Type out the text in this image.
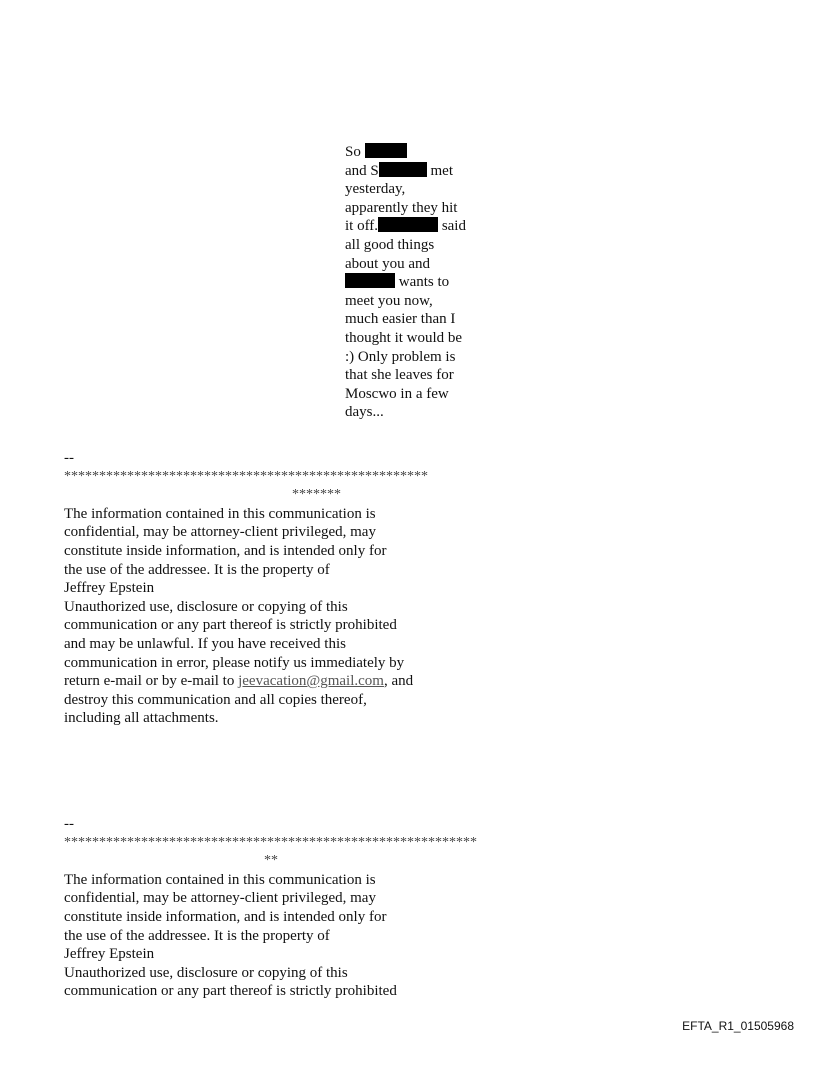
So
and S	met
yesterday,
apparently they hit
it off.	said
all good things
about you and
wants to
meet you now,
much easier than I
thought it would be
:) Only problem is
that she leaves for
Moscwo in a few
days...
--
****************************************************
*******
The information contained in this communication is
confidential, may be attorney-client privileged, may
constitute inside information, and is intended only for
the use of the addressee. It is the property of
Jeffrey Epstein
Unauthorized use, disclosure or copying of this
communication or any part thereof is strictly prohibited
and may be unlawful. If you have received this
communication in error, please notify us immediately by
return e-mail or by e-mail to jeevacation@gmail.com, and
destroy this communication and all copies thereof,
including all attachments.
--
***********************************************************
**
The information contained in this communication is
confidential, may be attorney-client privileged, may
constitute inside information, and is intended only for
the use of the addressee. It is the property of
Jeffrey Epstein
Unauthorized use, disclosure or copying of this
communication or any part thereof is strictly prohibited
EFTA_R1_01505968
